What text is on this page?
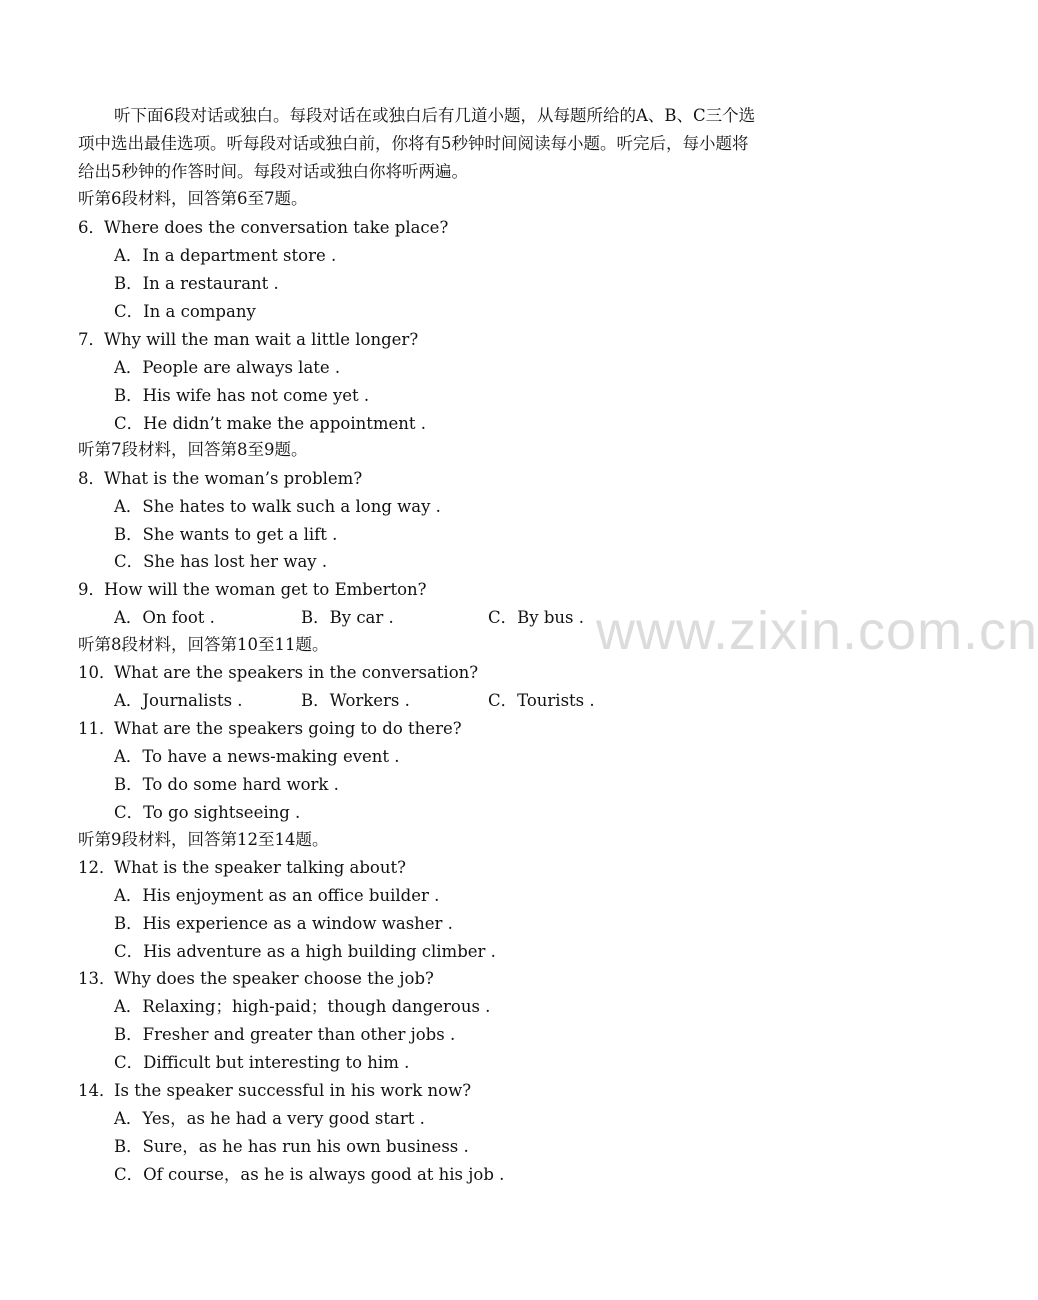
听下面6段对话或独白。每段对话在或独白后有几道小题，从每题所给的A、B、C三个选
项中选出最佳选项。听每段对话或独白前，你将有5秒钟时间阅读每小题。听完后，每小题将
给出5秒钟的作答时间。每段对话或独白你将听两遍。
听第6段材料，回答第6至7题。
6． Where does the conversation take place?
A．In a department store .
B．In a restaurant .
C．In a company
7． Why will the man wait a little longer?
A．People are always late .
B．His wife has not come yet .
C．He didn’t make the appointment .
听第7段材料，回答第8至9题。
8． What is the woman’s problem?
A．She hates to walk such a long way .
B．She wants to get a lift .
C．She has lost her way .
9． How will the woman get to Emberton?
A．On foot .	B．By car .	C．By bus .
听第8段材料，回答第10至11题。
10．
What are the speakers in the conversation?
A．Journalists .	B．Workers .	C．Tourists .
11．
What are the speakers going to do there?
A．To have a news-making event .
B．To do some hard work .
C．To go sightseeing .
听第9段材料，回答第12至14题。
12．
What is the speaker talking about?
A．His enjoyment as an office builder .
B．His experience as a window washer .
C．His adventure as a high building climber .
13．
Why does the speaker choose the job?
A．Relaxing；high-paid；though dangerous .
B．Fresher and greater than other jobs .
C．Difficult but interesting to him .
14．
Is the speaker successful in his work now?
A．Yes，as he had a very good start .
B．Sure，as he has run his own business .
C．Of course，as he is always good at his job .
www.zixin.com.cn
